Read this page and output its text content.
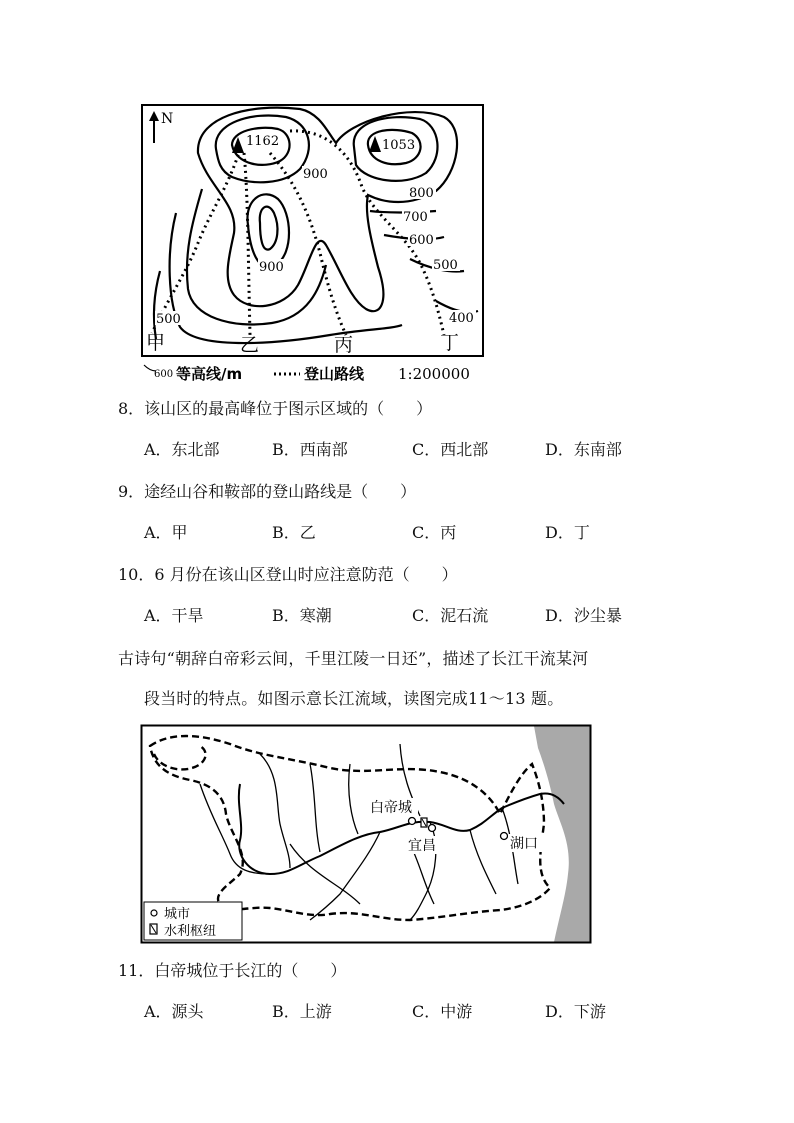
N
1162	1053
900
800
700
600
500
400
900
500
甲	乙	丙	丁
600 等高线/m	登山路线 1:200000
8．该山区的最高峰位于图示区域的（　　）
A．东北部	B．西南部	C．西北部	D．东南部
9．途经山谷和鞍部的登山路线是（　　）
A．甲	B．乙	C．丙	D．丁
10．6 月份在该山区登山时应注意防范（　　）
A．干旱	B．寒潮	C．泥石流	D．沙尘暴
古诗句“朝辞白帝彩云间，千里江陵一日还”，描述了长江干流某河
段当时的特点。如图示意长江流域，读图完成11～13 题。
白帝城
宜昌	湖口
城市
水利枢纽
11．白帝城位于长江的（　　）
A．源头	B．上游	C．中游	D．下游
